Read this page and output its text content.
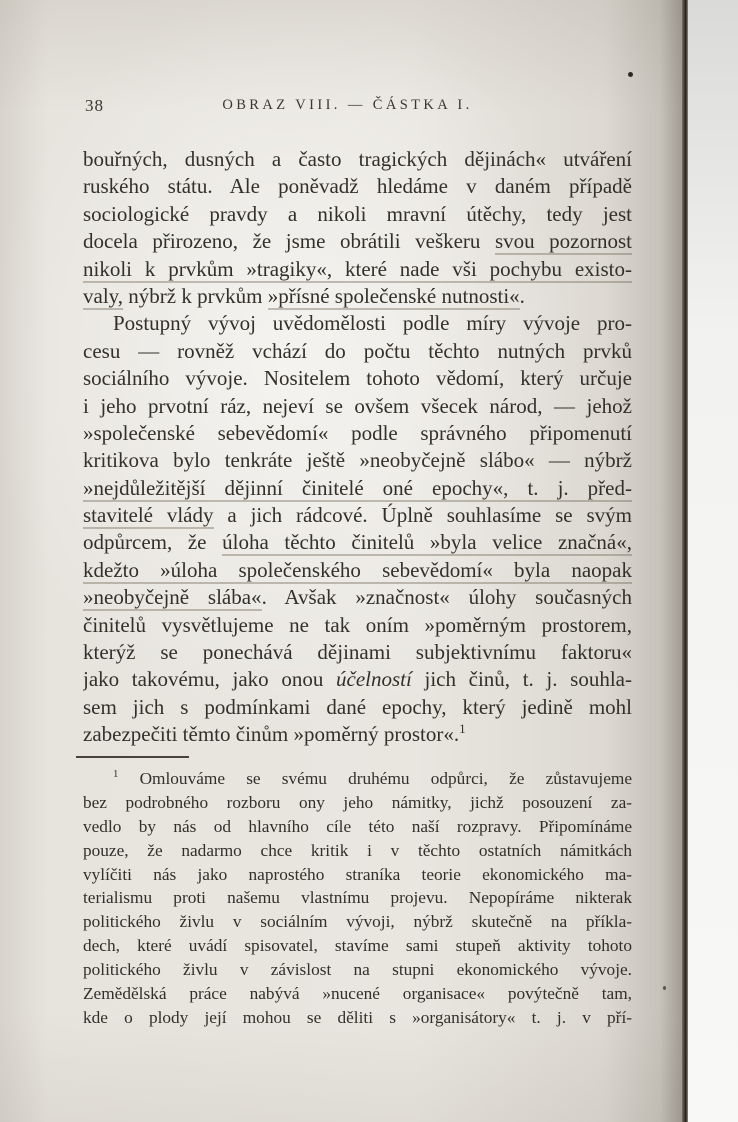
38	OBRAZ VIII. — ČÁSTKA I.
bouřných, dusných a často tragických dějinách« utváření
ruského státu. Ale poněvadž hledáme v daném případě
sociologické pravdy a nikoli mravní útěchy, tedy jest
docela přirozeno, že jsme obrátili veškeru svou pozornost
nikoli k prvkům »tragiky«, které nade vši pochybu existo-
valy, nýbrž k prvkům »přísné společenské nutnosti«.
Postupný vývoj uvědomělosti podle míry vývoje pro-
cesu — rovněž vchází do počtu těchto nutných prvků
sociálního vývoje. Nositelem tohoto vědomí, který určuje
i jeho prvotní ráz, nejeví se ovšem všecek národ, — jehož
»společenské sebevědomí« podle správného připomenutí
kritikova bylo tenkráte ještě »neobyčejně slábo« — nýbrž
»nejdůležitější dějinní činitelé oné epochy«, t. j. před-
stavitelé vlády a jich rádcové. Úplně souhlasíme se svým
odpůrcem, že úloha těchto činitelů »byla velice značná«,
kdežto »úloha společenského sebevědomí« byla naopak
»neobyčejně slába«. Avšak »značnost« úlohy současných
činitelů vysvětlujeme ne tak oním »poměrným prostorem,
kterýž se ponechává dějinami subjektivnímu faktoru«
jako takovému, jako onou účelností jich činů, t. j. souhla-
sem jich s podmínkami dané epochy, který jedině mohl
zabezpečiti těmto činům »poměrný prostor«.$^1$
$^1$ Omlouváme se svému druhému odpůrci, že zůstavujeme
bez podrobného rozboru ony jeho námitky, jichž posouzení za-
vedlo by nás od hlavního cíle této naší rozpravy. Připomínáme
pouze, že nadarmo chce kritik i v těchto ostatních námitkách
vylíčiti nás jako naprostého straníka teorie ekonomického ma-
terialismu proti našemu vlastnímu projevu. Nepopíráme nikterak
politického živlu v sociálním vývoji, nýbrž skutečně na příkla-
dech, které uvádí spisovatel, stavíme sami stupeň aktivity tohoto
politického živlu v závislost na stupni ekonomického vývoje.
Zemědělská práce nabývá »nucené organisace« povýtečně tam,
kde o plody její mohou se děliti s »organisátory« t. j. v pří-
